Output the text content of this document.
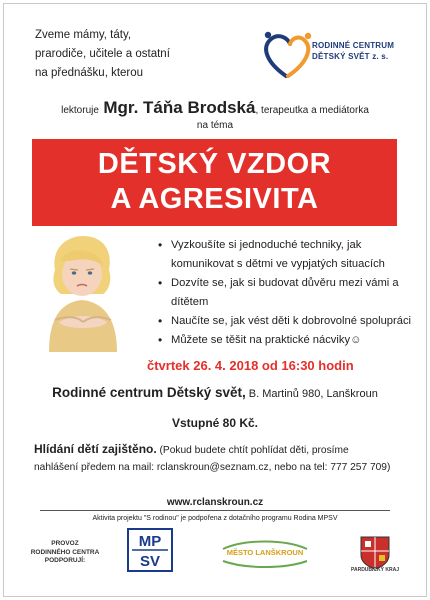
Zveme mámy, táty,
prarodiče, učitele a ostatní
na přednášku, kterou
RODINNÉ CENTRUM
DĚTSKÝ SVĚT z. s.
lektoruje Mgr. Táňa Brodská, terapeutka a mediátorka
na téma
DĚTSKÝ VZDOR
A AGRESIVITA
• Vyzkoušíte si jednoduché techniky, jak komunikovat s dětmi ve vypjatých situacích
• Dozvíte se, jak si budovat důvěru mezi vámi a dítětem
• Naučíte se, jak vést děti k dobrovolné spolupráci
• Můžete se těšit na praktické nácviky☺
čtvrtek 26. 4. 2018 od 16:30 hodin
Rodinné centrum Dětský svět, B. Martinů 980, Lanškroun
Vstupné 80 Kč.
Hlídání dětí zajištěno. (Pokud budete chtít pohlídat děti, prosíme
nahlášení předem na mail: rclanskroun@seznam.cz, nebo na tel: 777 257 709)
www.rclanskroun.cz
Aktivita projektu "S rodinou" je podpořena z dotačního programu Rodina MPSV
PROVOZ
RODINNÉHO CENTRA
PODPORUJÍ:
MP
SV
MĚSTO LANŠKROUN
PARDUBICKÝ KRAJ
